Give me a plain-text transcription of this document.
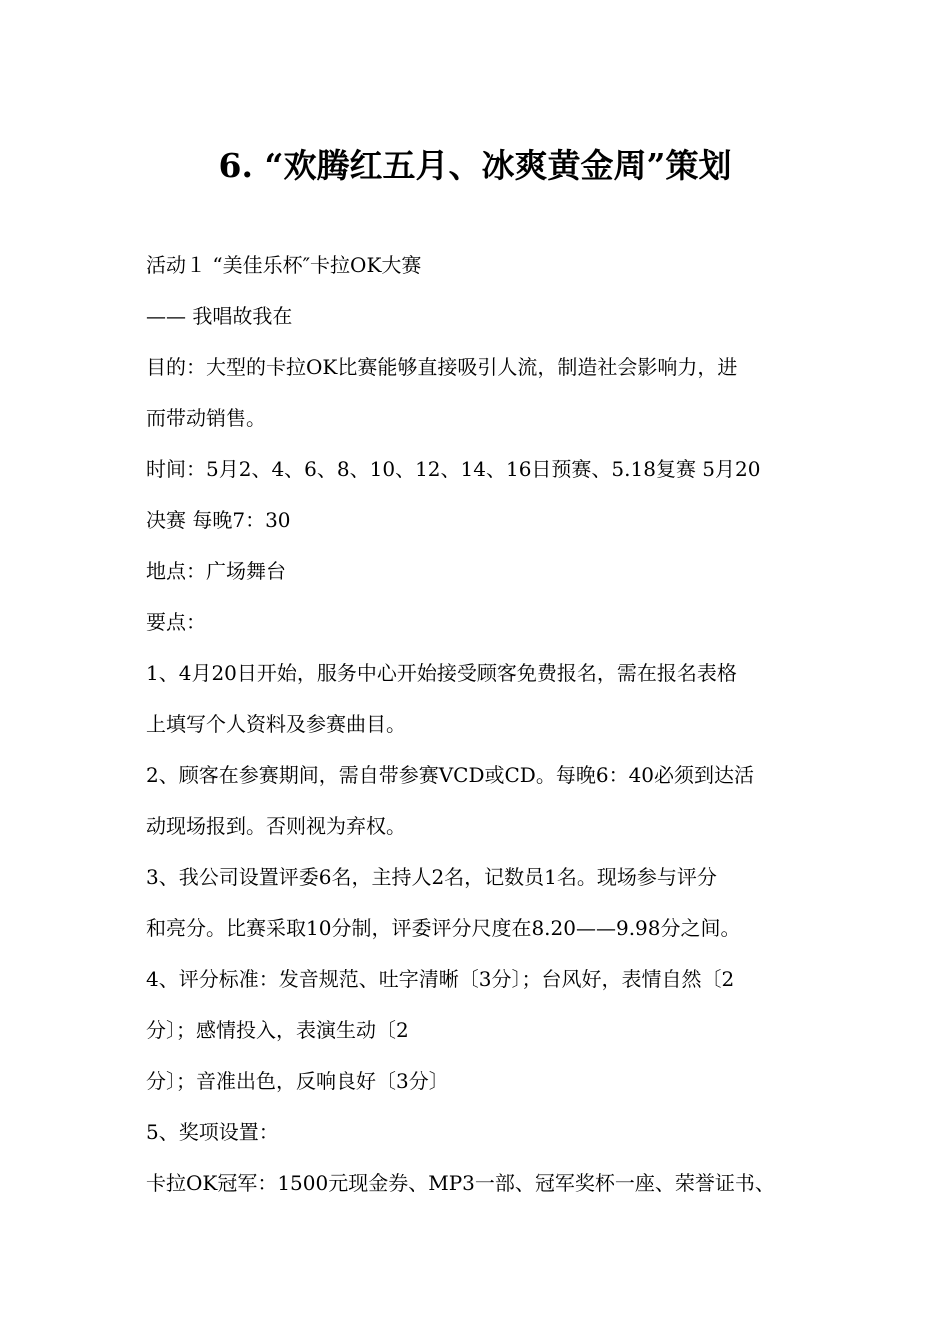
6. “欢腾红五月、冰爽黄金周”策划
活动１ “美佳乐杯″卡拉OK大赛
—— 我唱故我在
目的：大型的卡拉OK比赛能够直接吸引人流，制造社会影响力，进
而带动销售。
时间：5月2、4、6、8、10、12、14、16日预赛、5.18复赛 5月20
决赛 每晚7：30
地点：广场舞台
要点：
1、4月20日开始，服务中心开始接受顾客免费报名，需在报名表格
上填写个人资料及参赛曲目。
2、顾客在参赛期间，需自带参赛VCD或CD。每晚6：40必须到达活
动现场报到。否则视为弃权。
3、我公司设置评委6名，主持人2名，记数员1名。现场参与评分
和亮分。比赛采取10分制，评委评分尺度在8.20——9.98分之间。
4、评分标准：发音规范、吐字清晰〔3分〕；台风好，表情自然〔2
分〕；感情投入，表演生动〔2
分〕；音准出色，反响良好〔3分〕
5、奖项设置：
卡拉OK冠军：1500元现金券、MP3一部、冠军奖杯一座、荣誉证书、
